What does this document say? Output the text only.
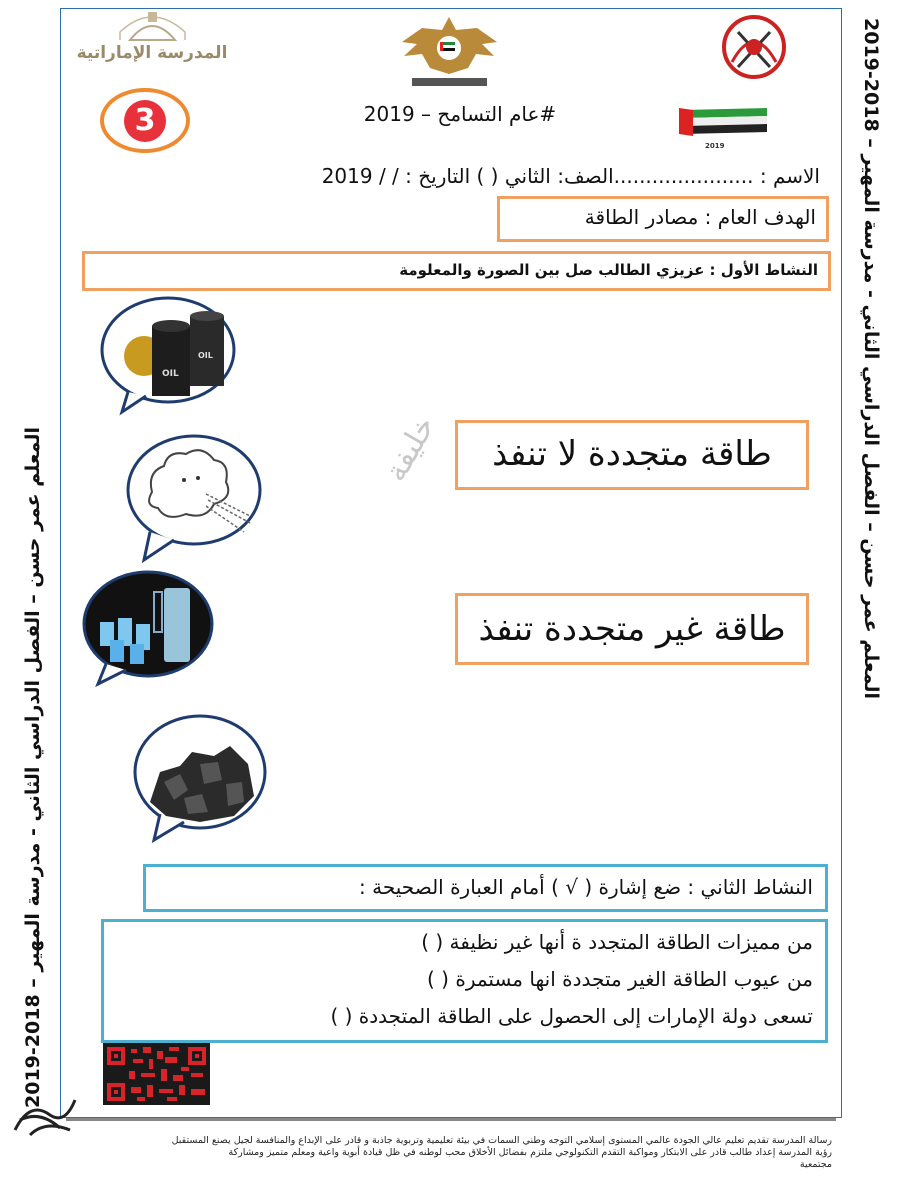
المعلم عمر حسن – الفصل الدراسي الثاني - مدرسة المهير – 2018-2019
المعلم عمر حسن – الفصل الدراسي الثاني - مدرسة المهير – 2018-2019
المدرسة الإماراتية
3	#عام التسامح – 2019
2019
الاسم : ......................الصف: الثاني ( ) التاريخ : / / 2019
الهدف العام : مصادر الطاقة
النشاط الأول : عزيزي الطالب صل بين الصورة والمعلومة
OIL
OIL
خليفة	طاقة متجددة لا تنفذ
طاقة غير متجددة تنفذ
النشاط الثاني : ضع إشارة ( √ ) أمام العبارة الصحيحة :
من مميزات الطاقة المتجدد ة أنها غير نظيفة ( )
من عيوب الطاقة الغير متجددة انها مستمرة ( )
تسعى دولة الإمارات إلى الحصول على الطاقة المتجددة ( )
رسالة المدرسة تقديم تعليم عالي الجودة عالمي المستوى إسلامي التوجه وطني السمات في بيئة تعليمية وتربوية جاذبة و قادر على الإبداع والمنافسة لجيل يصنع المستقبل
رؤية المدرسة إعداد طالب قادر على الابتكار ومواكبة التقدم التكنولوجي ملتزم بفضائل الأخلاق محب لوطنه في ظل قيادة أبوية واعية ومعلم متميز ومشاركة
مجتمعية
